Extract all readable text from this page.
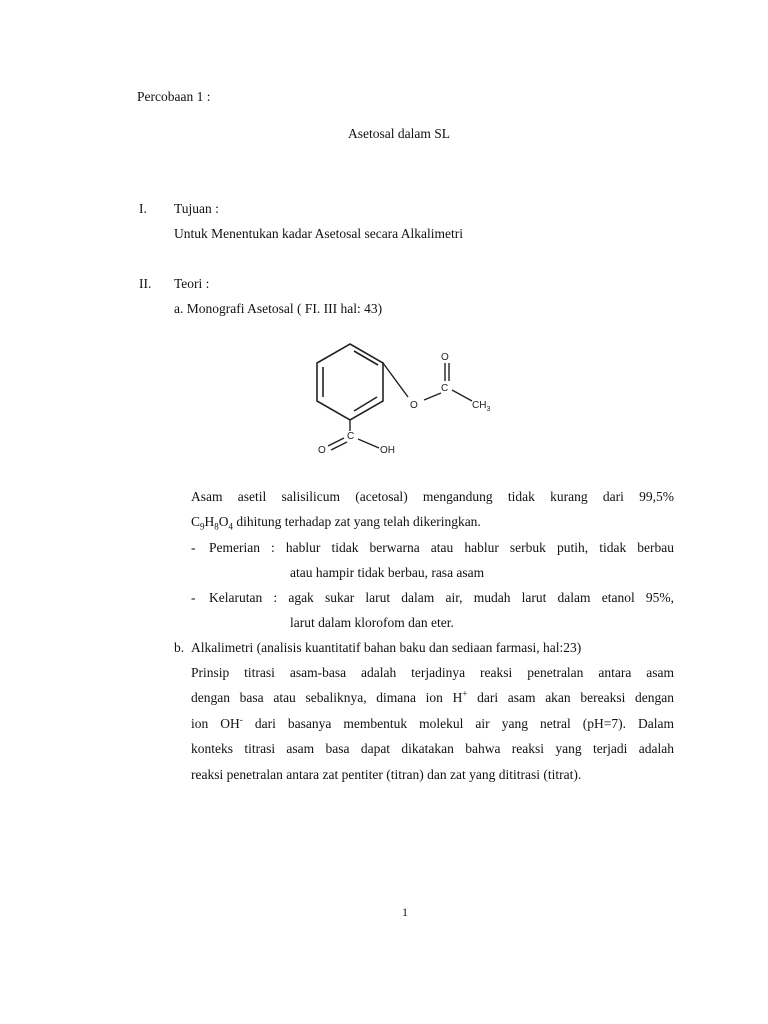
Percobaan 1 :
Asetosal dalam SL
I. Tujuan :
Untuk Menentukan kadar Asetosal secara Alkalimetri
II. Teori :
a. Monografi Asetosal ( FI. III hal: 43)
O
C
O	$CH_3$
C
O	OH
Asam asetil salisilicum (acetosal) mengandung tidak kurang dari 99,5%
$C_9H_8O_4$ dihitung terhadap zat yang telah dikeringkan.
- Pemerian : hablur tidak berwarna atau hablur serbuk putih, tidak berbau
atau hampir tidak berbau, rasa asam
- Kelarutan : agak sukar larut dalam air, mudah larut dalam etanol 95%,
larut dalam klorofom dan eter.
b. Alkalimetri (analisis kuantitatif bahan baku dan sediaan farmasi, hal:23)
Prinsip titrasi asam-basa adalah terjadinya reaksi penetralan antara asam
dengan basa atau sebaliknya, dimana ion H+ dari asam akan bereaksi dengan
ion OH- dari basanya membentuk molekul air yang netral (pH=7). Dalam
konteks titrasi asam basa dapat dikatakan bahwa reaksi yang terjadi adalah
reaksi penetralan antara zat pentiter (titran) dan zat yang dititrasi (titrat).
1
